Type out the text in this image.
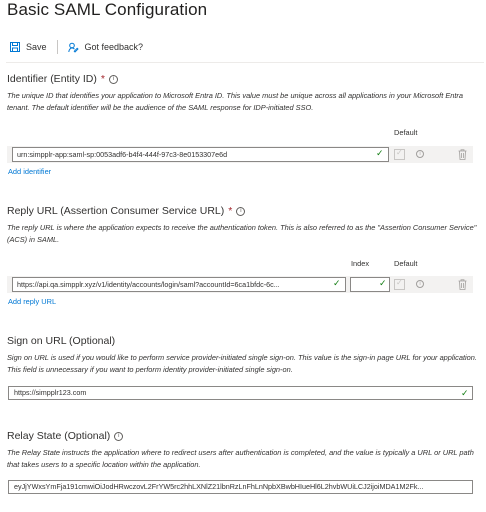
Basic SAML Configuration
Save	Got feedback?
Identifier (Entity ID) *	i
The unique ID that identifies your application to Microsoft Entra ID. This value must be unique across all applications in your Microsoft Entra tenant. The default identifier will be the audience of the SAML response for IDP-initiated SSO.
Default
urn:simpplr-app:saml-sp:0053adf6-b4f4-444f-97c3-8e0153307e6d	✓ ✓	i
Add identifier
Reply URL (Assertion Consumer Service URL) *	i
The reply URL is where the application expects to receive the authentication token. This is also referred to as the "Assertion Consumer Service" (ACS) in SAML.
Index	Default
https://api.qa.simpplr.xyz/v1/identity/accounts/login/saml?accountId=6ca1bfdc-6c...	✓	✓ ✓	i
Add reply URL
Sign on URL (Optional)
Sign on URL is used if you would like to perform service provider-initiated single sign-on. This value is the sign-in page URL for your application. This field is unnecessary if you want to perform identity provider-initiated single sign-on.
https://simpplr123.com	✓
Relay State (Optional)	i
The Relay State instructs the application where to redirect users after authentication is completed, and the value is typically a URL or URL path that takes users to a specific location within the application.
eyJjYWxsYmFja191cmwiOiJodHRwczovL2FrYW5rc2hhLXNlZ21lbnRzLnFhLnNpbXBwbHIueHl6L2hvbWUiLCJ2ijoiMDA1M2Fk...
